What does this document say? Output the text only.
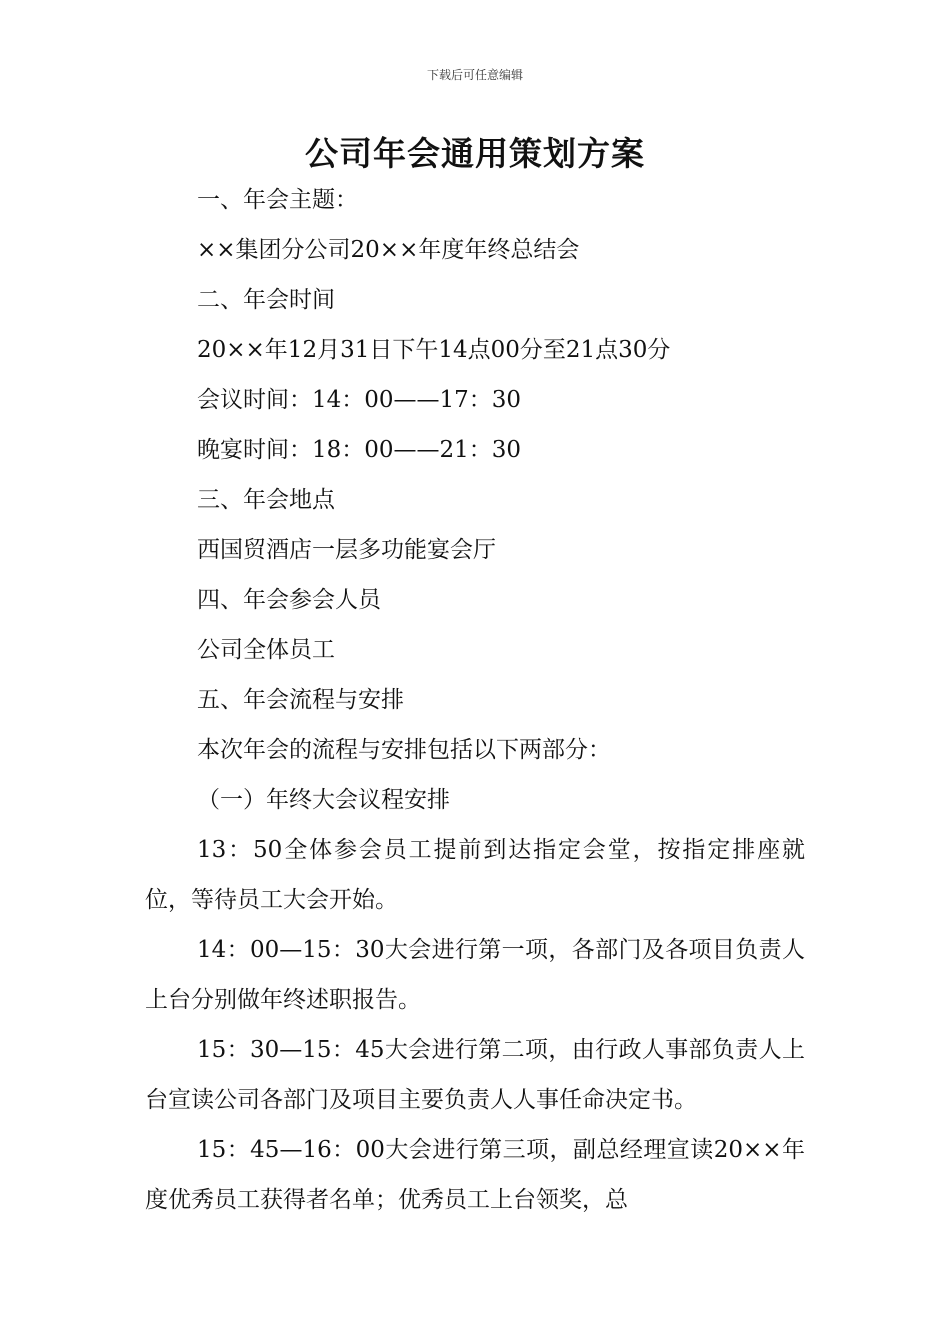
下载后可任意编辑
公司年会通用策划方案
一、年会主题：
××集团分公司20××年度年终总结会
二、年会时间
20××年12月31日下午14点00分至21点30分
会议时间：14：00——17：30
晚宴时间：18：00——21：30
三、年会地点
西国贸酒店一层多功能宴会厅
四、年会参会人员
公司全体员工
五、年会流程与安排
本次年会的流程与安排包括以下两部分：
（一）年终大会议程安排

13：50全体参会员工提前到达指定会堂，按指定排座就位，等待员工大会开始。

14：00—15：30大会进行第一项，各部门及各项目负责人上台分别做年终述职报告。

15：30—15：45大会进行第二项，由行政人事部负责人上台宣读公司各部门及项目主要负责人人事任命决定书。

15：45—16：00大会进行第三项，副总经理宣读20××年度优秀员工获得者名单；优秀员工上台领奖，总
